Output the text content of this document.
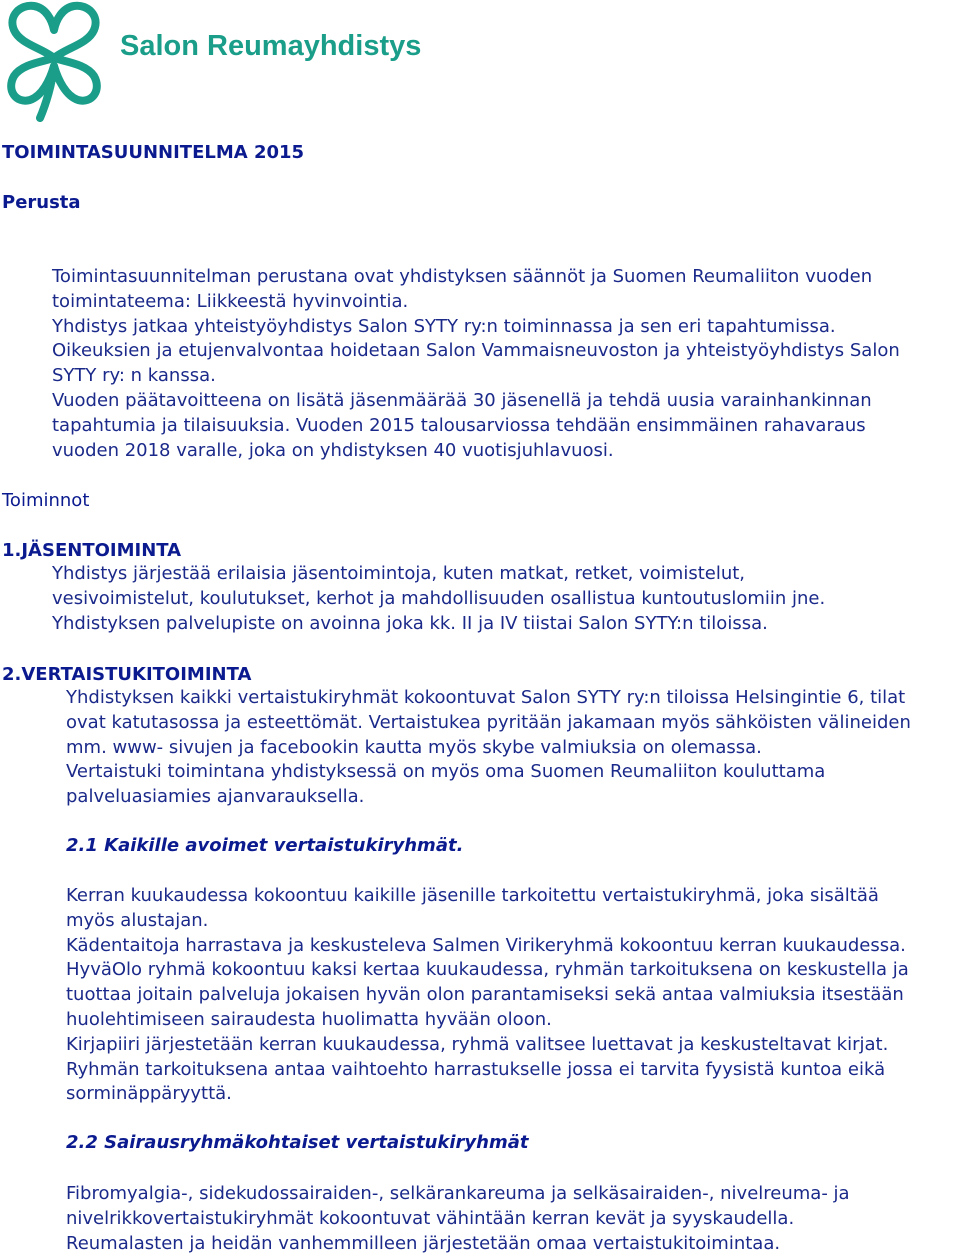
Salon Reumayhdistys
TOIMINTASUUNNITELMA 2015
Perusta
Toimintasuunnitelman perustana ovat yhdistyksen säännöt ja Suomen Reumaliiton vuoden
toimintateema: Liikkeestä hyvinvointia.
Yhdistys jatkaa yhteistyöyhdistys Salon SYTY ry:n toiminnassa ja sen eri tapahtumissa.
Oikeuksien ja etujenvalvontaa hoidetaan Salon Vammaisneuvoston ja yhteistyöyhdistys Salon
SYTY ry: n kanssa.
Vuoden päätavoitteena on lisätä jäsenmäärää 30 jäsenellä ja tehdä uusia varainhankinnan
tapahtumia ja tilaisuuksia. Vuoden 2015 talousarviossa tehdään ensimmäinen rahavaraus
vuoden 2018 varalle, joka on yhdistyksen 40 vuotisjuhlavuosi.
Toiminnot
1.JÄSENTOIMINTA
Yhdistys järjestää erilaisia jäsentoimintoja, kuten matkat, retket, voimistelut,
vesivoimistelut, koulutukset, kerhot ja mahdollisuuden osallistua kuntoutuslomiin jne.
Yhdistyksen palvelupiste on avoinna joka kk. II ja IV tiistai Salon SYTY:n tiloissa.
2.VERTAISTUKITOIMINTA
Yhdistyksen kaikki vertaistukiryhmät kokoontuvat Salon SYTY ry:n tiloissa Helsingintie 6, tilat
ovat katutasossa ja esteettömät. Vertaistukea pyritään jakamaan myös sähköisten välineiden
mm. www- sivujen ja facebookin kautta myös skybe valmiuksia on olemassa.
Vertaistuki toimintana yhdistyksessä on myös oma Suomen Reumaliiton kouluttama
palveluasiamies ajanvarauksella.
2.1 Kaikille avoimet vertaistukiryhmät.
Kerran kuukaudessa kokoontuu kaikille jäsenille tarkoitettu vertaistukiryhmä, joka sisältää
myös alustajan.
Kädentaitoja harrastava ja keskusteleva Salmen Virikeryhmä kokoontuu kerran kuukaudessa.
HyväOlo ryhmä kokoontuu kaksi kertaa kuukaudessa, ryhmän tarkoituksena on keskustella ja
tuottaa joitain palveluja jokaisen hyvän olon parantamiseksi sekä antaa valmiuksia itsestään
huolehtimiseen sairaudesta huolimatta hyvään oloon.
Kirjapiiri järjestetään kerran kuukaudessa, ryhmä valitsee luettavat ja keskusteltavat kirjat.
Ryhmän tarkoituksena antaa vaihtoehto harrastukselle jossa ei tarvita fyysistä kuntoa eikä
sorminäppäryyttä.
2.2 Sairausryhmäkohtaiset vertaistukiryhmät
Fibromyalgia-, sidekudossairaiden-, selkärankareuma ja selkäsairaiden-, nivelreuma- ja
nivelrikkovertaistukiryhmät kokoontuvat vähintään kerran kevät ja syyskaudella.
Reumalasten ja heidän vanhemmilleen järjestetään omaa vertaistukitoimintaa.
